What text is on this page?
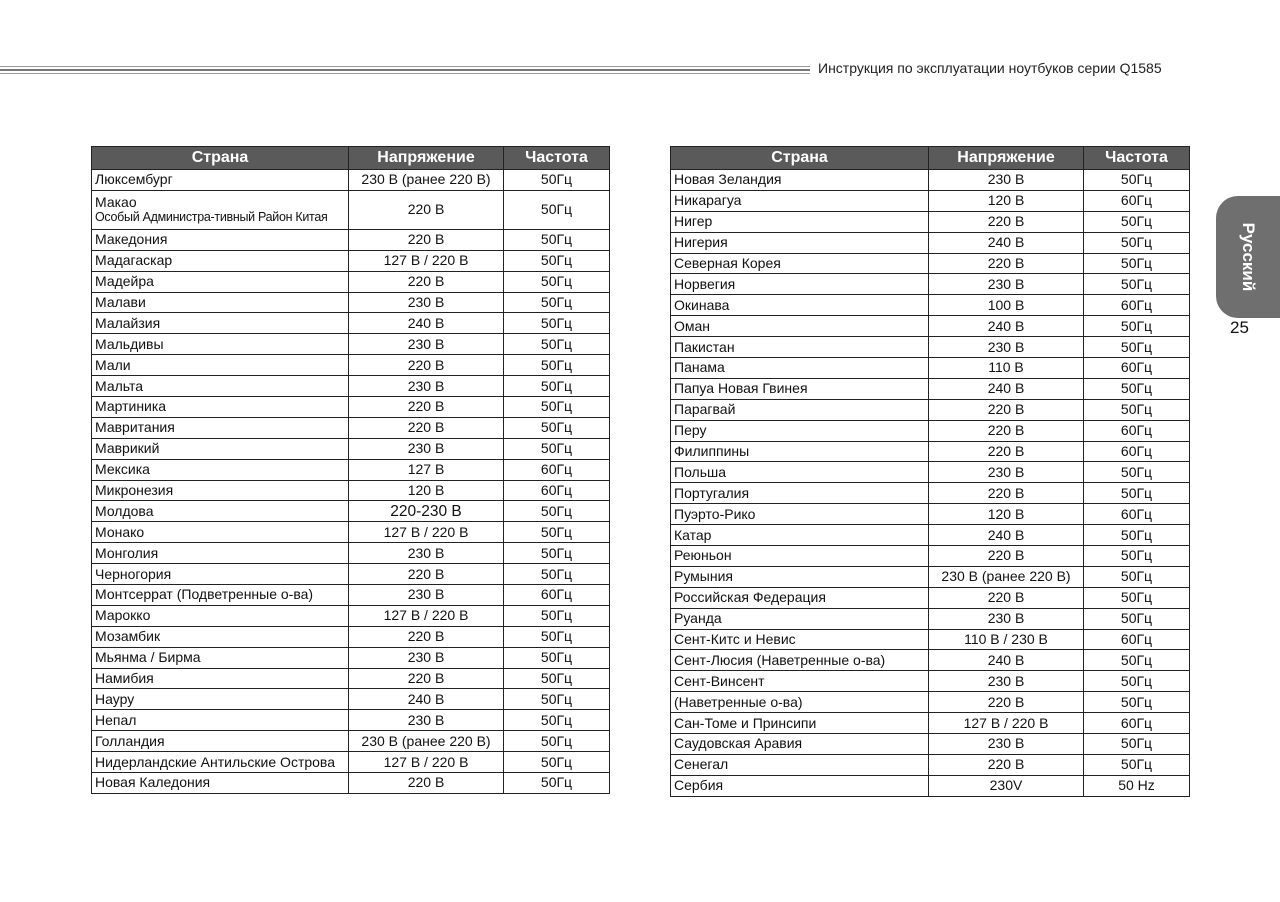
Инструкция по эксплуатации ноутбуков серии Q1585
Страна	Напряжение	Частота
Люксембург	230 В (ранее 220 В)	50Гц

Макао
Особый Администра-тивный Район Китая	220 В	50Гц
Македония	220 В	50Гц
Мадагаскар	127 В / 220 В	50Гц
Мадейра	220 В	50Гц
Малави	230 В	50Гц
Малайзия	240 В	50Гц
Мальдивы	230 В	50Гц
Мали	220 В	50Гц
Мальта	230 В	50Гц
Мартиника	220 В	50Гц
Мавритания	220 В	50Гц
Маврикий	230 В	50Гц
Мексика	127 В	60Гц
Микронезия	120 В	60Гц
Молдова	220-230 В	50Гц
Монако	127 В / 220 В	50Гц
Монголия	230 В	50Гц
Черногория	220 В	50Гц
Монтсеррат (Подветренные о-ва)	230 В	60Гц
Марокко	127 В / 220 В	50Гц
Мозамбик	220 В	50Гц
Мьянма / Бирма	230 В	50Гц
Намибия	220 В	50Гц
Науру	240 В	50Гц
Непал	230 В	50Гц
Голландия	230 В (ранее 220 В)	50Гц
Нидерландские Антильские Острова	127 В / 220 В	50Гц
Новая Каледония	220 В	50Гц
Страна	Напряжение	Частота
Новая Зеландия	230 В	50Гц
Никарагуа	120 В	60Гц
Нигер	220 В	50Гц
Нигерия	240 В	50Гц
Северная Корея	220 В	50Гц
Норвегия	230 В	50Гц
Окинава	100 В	60Гц
Оман	240 В	50Гц
Пакистан	230 В	50Гц
Панама	110 В	60Гц
Папуа Новая Гвинея	240 В	50Гц
Парагвай	220 В	50Гц
Перу	220 В	60Гц
Филиппины	220 В	60Гц
Польша	230 В	50Гц
Португалия	220 В	50Гц
Пуэрто-Рико	120 В	60Гц
Катар	240 В	50Гц
Реюньон	220 В	50Гц
Румыния	230 В (ранее 220 В)	50Гц
Российская Федерация	220 В	50Гц
Руанда	230 В	50Гц
Сент-Китс и Невис	110 В / 230 В	60Гц
Сент-Люсия (Наветренные о-ва)	240 В	50Гц
Сент-Винсент	230 В	50Гц
(Наветренные о-ва)	220 В	50Гц
Сан-Томе и Принсипи	127 В / 220 В	60Гц
Саудовская Аравия	230 В	50Гц
Сенегал	220 В	50Гц
Сербия	230V	50 Hz
Русский
25
